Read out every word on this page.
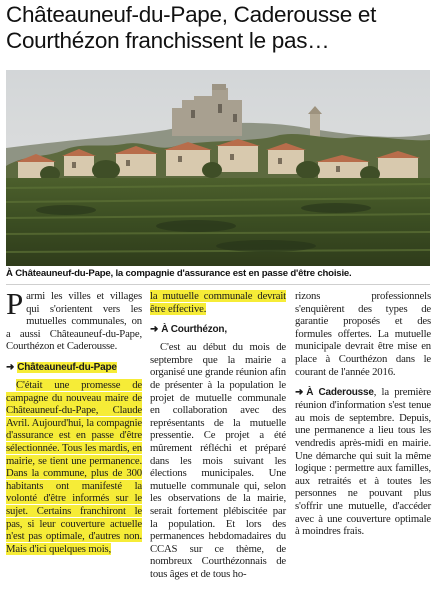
Châteauneuf-du-Pape, Caderousse et Courthézon franchissent le pas…

À Châteauneuf-du-Pape, la compagnie d'assurance est en passe d'être choisie.

Parmi les villes et villages qui s'orientent vers les mutuelles communales, on a aussi Châteauneuf-du-Pape, Courthézon et Caderousse.

➜ Châteauneuf-du-Pape

C'était une promesse de campagne du nouveau maire de Châteauneuf-du-Pape, Claude Avril. Aujourd'hui, la compagnie d'assurance est en passe d'être sélectionnée. Tous les mardis, en mairie, se tient une permanence. Dans la commune, plus de 300 habitants ont manifesté la volonté d'être informés sur le sujet. Certains franchiront le pas, si leur couverture actuelle n'est pas optimale, d'autres non. Mais d'ici quelques mois,

la mutuelle communale devrait être effective.

➜ À Courthézon,

C'est au début du mois de septembre que la mairie a organisé une grande réunion afin de présenter à la population le projet de mutuelle communale en collaboration avec des représentants de la mutuelle pressentie. Ce projet a été mûrement réfléchi et préparé dans les mois suivant les élections municipales. Une mutuelle communale qui, selon les observations de la mairie, serait fortement plébiscitée par la population. Et lors des permanences hebdomadaires du CCAS sur ce thème, de nombreux Courthézonnais de tous âges et de tous ho-

rizons professionnels s'enquièrent des types de garantie proposés et des formules offertes. La mutuelle municipale devrait être mise en place à Courthézon dans le courant de l'année 2016.

➜ À Caderousse, la première réunion d'information s'est tenue au mois de septembre. Depuis, une permanence a lieu tous les vendredis après-midi en mairie. Une démarche qui suit la même logique : permettre aux familles, aux retraités et à toutes les personnes ne pouvant plus s'offrir une mutuelle, d'accéder avec à une couverture optimale à moindres frais.
